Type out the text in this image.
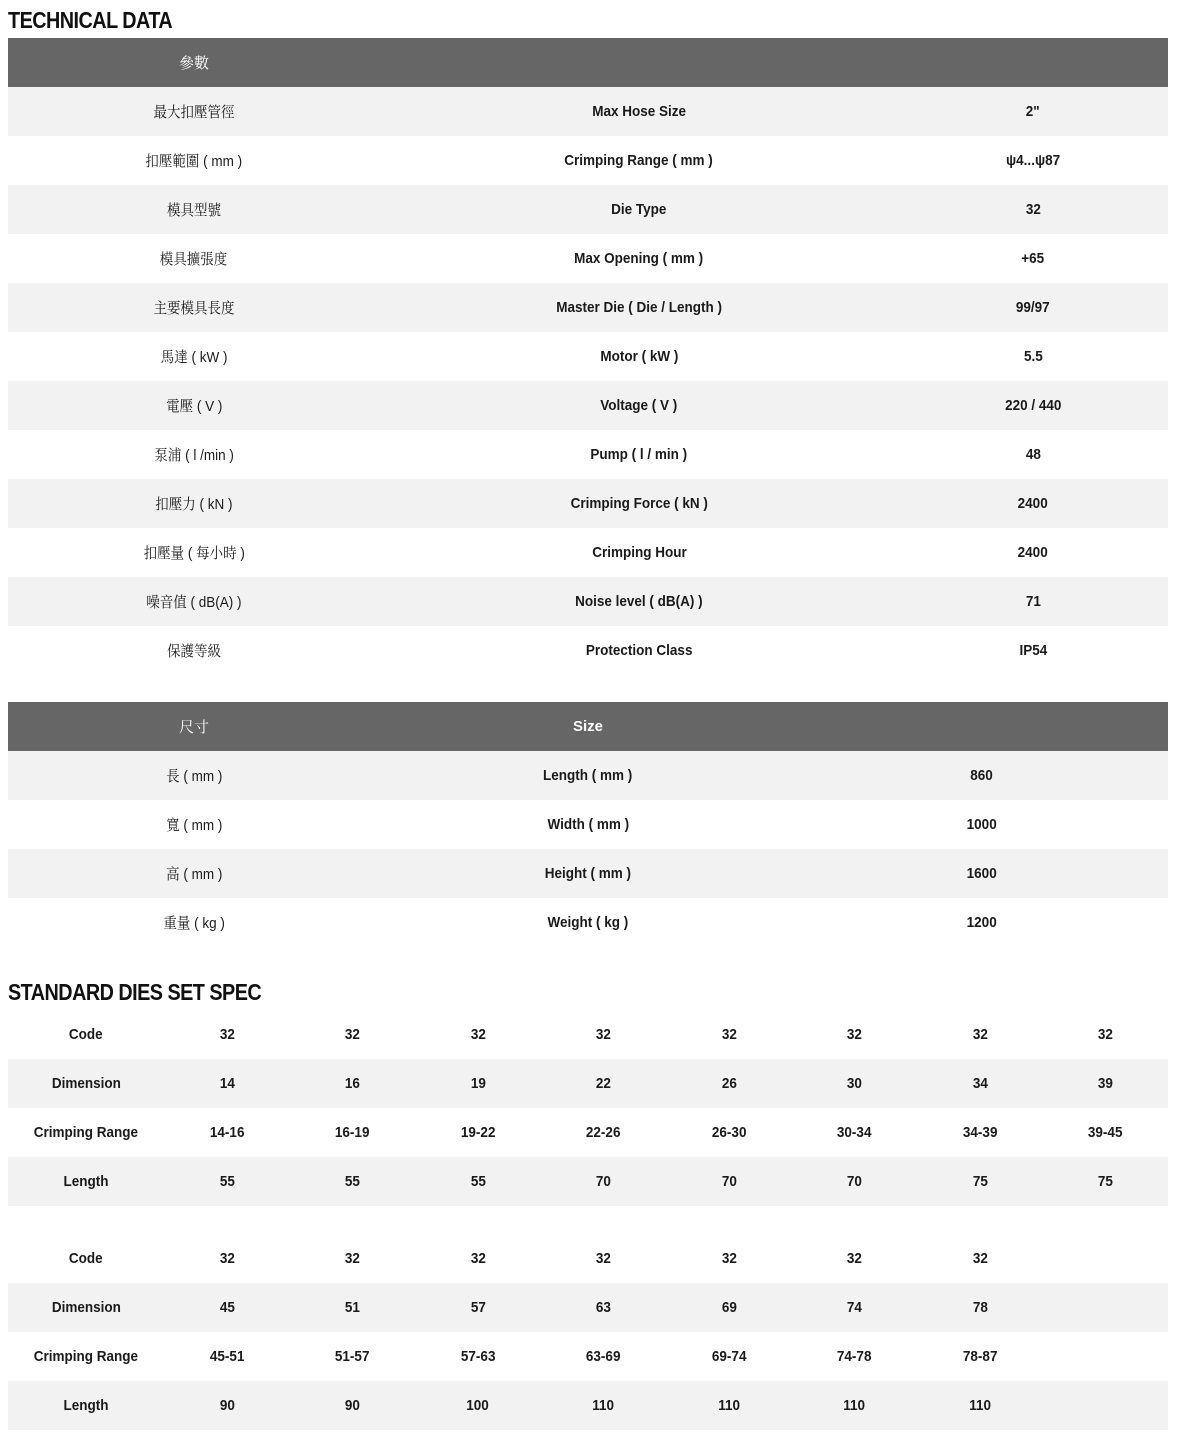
TECHNICAL DATA
參數		
最大扣壓管徑	Max Hose Size	2"
扣壓範圍 ( mm )	Crimping Range ( mm )	ψ4...ψ87
模具型號	Die Type	32
模具擴張度	Max Opening ( mm )	+65
主要模具長度	Master Die ( Die / Length )	99/97
馬達 ( kW )	Motor ( kW )	5.5
電壓 ( V )	Voltage ( V )	220 / 440
泵浦 ( l /min )	Pump ( l / min )	48
扣壓力 ( kN )	Crimping Force ( kN )	2400
扣壓量 ( 每小時 )	Crimping Hour	2400
噪音值 ( dB(A) )	Noise level ( dB(A) )	71
保護等級	Protection Class	IP54
尺寸	Size	
長 ( mm )	Length ( mm )	860
寬 ( mm )	Width ( mm )	1000
高 ( mm )	Height ( mm )	1600
重量 ( kg )	Weight ( kg )	1200
STANDARD DIES SET SPEC
Code	32	32	32	32	32	32	32	32
Dimension	14	16	19	22	26	30	34	39
Crimping Range	14-16	16-19	19-22	22-26	26-30	30-34	34-39	39-45
Length	55	55	55	70	70	70	75	75
Code	32	32	32	32	32	32	32	
Dimension	45	51	57	63	69	74	78	
Crimping Range	45-51	51-57	57-63	63-69	69-74	74-78	78-87	
Length	90	90	100	110	110	110	110	
